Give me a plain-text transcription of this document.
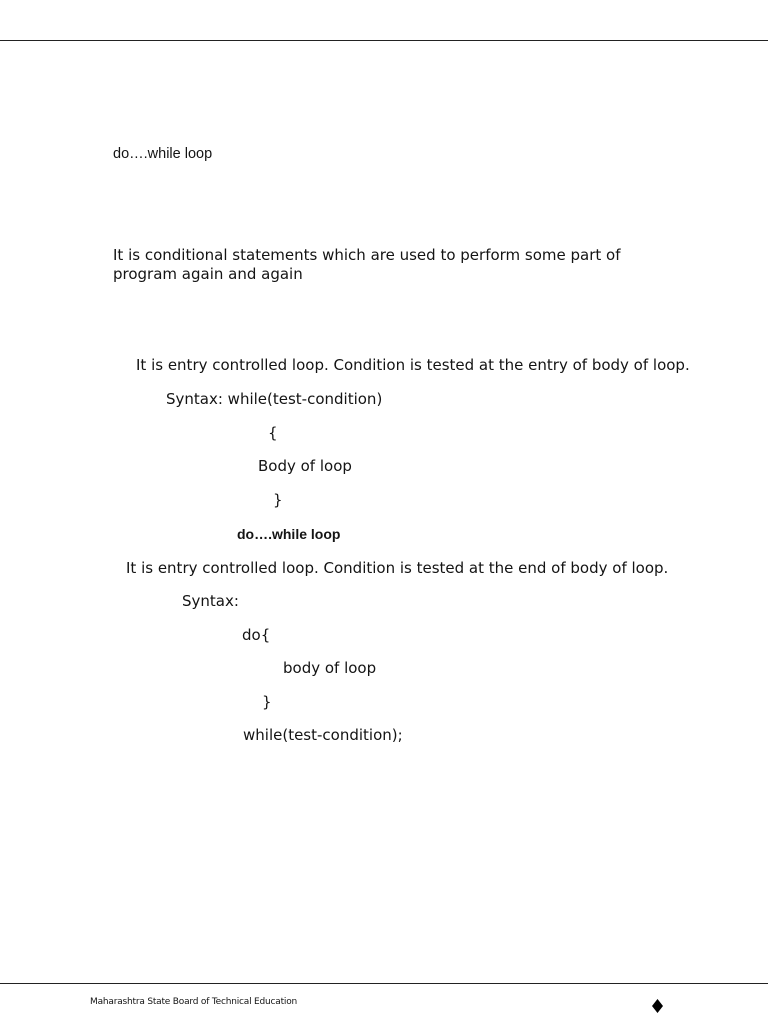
do….while loop
It is conditional statements which are used to perform some part of
program again and again
It is entry controlled loop. Condition is tested at the entry of body of loop.
Syntax: while(test-condition)
{
Body of loop
}
do….while loop
It is entry controlled loop. Condition is tested at the end of body of loop.
Syntax:
do{
body of loop
}
while(test-condition);
Maharashtra State Board of Technical Education
